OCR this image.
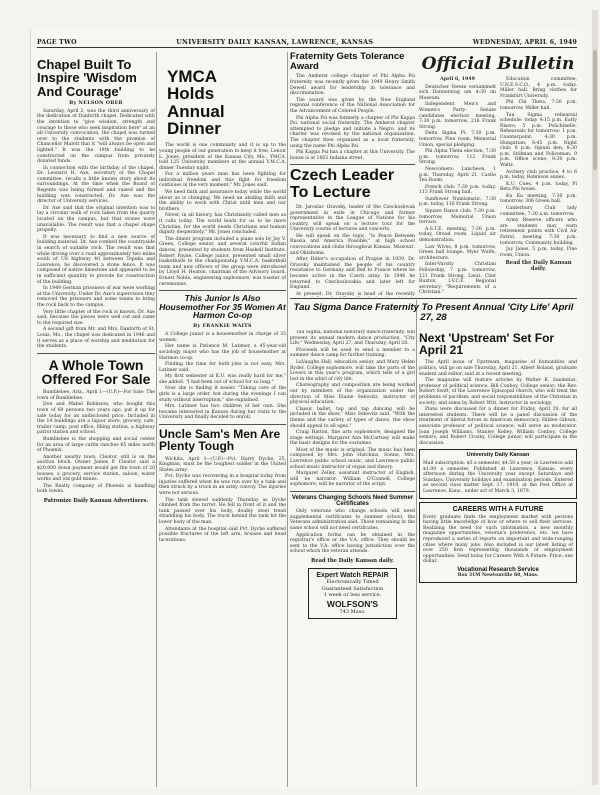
PAGE TWO	UNIVERSITY DAILY KANSAN, LAWRENCE, KANSAS	WEDNESDAY, APRIL 6, 1949
Chapel Built To Inspire 'Wisdom And Courage'
By NELSON OBER

Saturday, April 2, was the third anniversary of the dedication of Danforth chapel. Dedicated with the intention to "give wisdom, strength and courage to those who seek inspiration here" at an all-University convocation, the chapel was turned over to the students with the promise of Chancellor Malott that it "will always be open and lighted." It was the 19th building to be constructed on the campus from privately donated funds.

In connection with the birthday of the chapel, Dr. Leonard H. Axe, secretary of the Chapel committee, recalls a little known story about its surroundings. At the time when the Board of Regents was being formed and raised and the building was constructed, Dr. Axe was the director of University services.

Dr. Axe said that the original intention was to lay a circular walk of rock taken from the quarry located on the campus, but that stones were unavailable. The result was that a chapel shape propelly.

It was necessary to find a new source of building material. Dr. Axe combed the countryside in search of suitable rock. The result was that while driving over a road approximately two miles south of US highway 40 between Topeka and Lawrence, he discovered a stone fence. It was composed of native limestone and appeared to be in sufficient quantity to provide for construction of the building.

In 1949 German prisoners of war were working at the University. Under Dr. Axe's supervision they removed the prisoners and some teams to bring the rock back to the campus.

Very little chapter of the rock is known, Dr. Axe said, because the pieces were well cut and came to the required size.

A second gift from Mr. and Mrs. Danforth of St. Louis, Mo., the chapel was dedicated in 1946 and it serves as a place of worship and meditation for the students.

A Whole Town Offered For Sale

Bumblebee, Ariz., April 1—(U.P.)—For Sale: The town of Bumblebee.

Don and Mabel Robinson, who bought this town of 60 persons two years ago, put it up for sale today for an undisclosed price. Included in the 14 buildings are a liquor store, grocery, cafe, trailer camp, post office, filling station, a highway patrol station and school.

Bumblebee is the shopping and social center for an area of large cattle ranches 65 miles north of Phoenix.

Another nearby town, Cleator, still is on the auction block. Owner James P. Cleator said a $20,000 down payment would get the town of 20 houses, a grocery, service station, saloon, water works and old gold mines.

The Realty company of Phoenix is handling both towns.

Patronize Daily Kansan Advertisers.
YMCA Holds Annual Dinner

The world is one community and it is up to the young people of our generation to keep it free, Lenoir L. Jones, president of the Kansas City, Mo., YMCA, told 125 University members at the annual Y.M.C.A. dinner Tuesday night.

For a million years man has been fighting for individual freedom and this fight for freedom continues in the very moment," Mr. Jones said.

We need faith and assurance today while the world about us is changing. We need an abiding faith and the ability to work with Christ until men and our brothers.

Never, in all history, has Christianity called men as it calls today. The world leads for us to be more Christian, for the world needs Christians and human dignity desperately," Mr. Jones concluded.

The dinner program included a piano solo by Jay V. Green, College senior, and several colorful Indian dances, presented by students from Haskell Institute. Robert Payne, College junior, presented small silver basketballs to the championship Y.M.C.A. basketball team and new officers of the group were introduced by Lloyd H. Heaton, chairman of the Advisory board. Ernest Noble, engineering sophomore, was toaster of ceremonies.

This Junior Is Also Housemother For 35 Women At Harmon Co-op
By FRANKIE WAITS

A College junior is a housemother in charge of 35 women.

Her name is Patience M. Latimer, a 45-year-old sociology major who has the job of housemother at Harmon co-op.

Finding the time for both jobs is not easy, Mrs. Latimer said.

My first semester at K.U. was really hard for me," she added. "I had been out of school for so long."

Now she is finding it easier. "Taking care of the girls is a large order, but during the evenings I can study without interruption," she explained.

Mrs. Latimer has two children of her own. She became interested in Kansas during her visits to the University and finally decided to enroll.

Uncle Sam's Men Are Plenty Tough

Wichita, April 1—(U.P.)—Pvt. Harry Dyche, 25, Kingman, must be the toughest soldier in the United States army.

Pvt. Dyche was recovering in a hospital today from injuries suffered when he was run over by a tank and then struck by a truck in an army convoy. The injuries were not serious.

The tank slewed suddenly Thursday as Dyche climbed from the turret. He fell in front of it and the tank passed over his body, doubly steel tread straddling his body. The truck behind the tank hit the lower body of the man.

Attendants at the hospital said Pvt. Dyche suffered possible fractures of the left arm, bruises and head lacerations.

Fraternity Gets Tolerance Award

The Amherst college chapter of Phi Alpha Psi fraternity was recently given the 1949 Henry Smith Dewell award for leadership in tolerance and discrimination.

The award was given by the New England regional conference of the National Association for the Advancement of Colored People.

Phi Alpha Psi was formerly a chapter of Phi Kappa Psi, national social fraternity. The Amherst chapter attempted to pledge and initiate a Negro, and its charter was revoked by the national organization. The chapter then organized as a local fraternity, using the name Phi Alpha Psi.

Phi Kappa Psi has a chapter at this University. The house is at 1602 Indiana street.

Czech Leader To Lecture

Dr. Jaroslav Oravsky, leader of the Czechoslovak government in exile in Chicago and former representative in the League of Nations for his country, will speak on a lecture tour for the University course of lectures and concerts.

He will speak on the topic, "Is Peace Between Russia and America Possible," at high school convocations and clubs throughout Kansas, Missouri, and Oklahoma.

After Hitler's occupation of Prague in 1939, Dr. Oravsky maintained the people of his country resistance to Germany and fled to France where he became active in the Czech army. In 1946 he returned to Czechoslovakia and later left for England.

At present, Dr. Oravsky is head of the recently

Official Bulletin
April 6, 1949

Deutscher Verein versammelt sich Donnerstag um 4:30 im Museum.

Independent Men's and Women's Party: Senate candidates election meeting, 7:30 p.m. tomorrow, 216 Frank Strong.

Delta Sigma Pi: 7:30 p.m. tomorrow, Pine room, Memorial Union, special pledging.

Phi Alpha Theta election, 7:30 p.m. tomorrow, 112 Frank Strong.

Newcomers: Luncheon, 1 p.m. Thursday, April 21, Castle Tea Room.

French club: 7:30 p.m. today, 113 Frank Strong hall.

Sunflower Numismatic, 7:30 p.m. today, 116 Frank Strong.

Square Dance club: 7:30 p.m. tomorrow, Memorial Union terrace.

A.S.T.E. meeting, 7:30 p.m. today, Oread room. Liquid air demonstration.

Law Wives, 8 p.m. tomorrow, Green hall lounge. Myer Wulfe, architecture.

Inter-Varsity Christian Fellowship, 7 p.m. tomorrow, 121 Frank Strong. Lieut. Clint Buxton, I.V.C.F. Regional secretary, "Requirements of a Christian."

Education committee, U.N.E.S.C.O., 4 p.m. today. Miller hall. Bring clothes for Frankfurt University.

Phi Chi Theta, 7:30 p.m. tomorrow, Miller hall.

Tau Sigma rehearsal schedule: today 4:15 p.m. Early Risers; 5 p.m. Polichinelle. Rehearsals for tomorrow: 1 p.m. Counterpoint; 4:30 p.m. Hungarian; 6:45 p.m. Night club; 8 p.m. Opium den; 8:30 p.m. Stillman and Policeman; 9 p.m. Office scene; 9:30 p.m. Waltz.

Archery club practice, 4 to 6 p.m. today, Robinson annex.

K.U. Cues, 4 p.m. today, Pi Beta Phi house.

Ku Ku meeting, 7:30 p.m. tomorrow, 306 Green hall.

Canterbury Club lady committee, 7:30 a.m. tomorrow.

Army Reserve officers who are students may earn retirement points with Civil Air Patrol, meeting 7:30 p.m. tomorrow, Community building.

Jay Janes, 5 p.m. today, Pine room, Union.

Read the Daily Kansan daily.
Tau Sigma Dance Fraternity To Present Annual 'City Life' April 27, 28

Tau Sigma, national honorary dance fraternity, will present its annual modern dance production, "City Life," Wednesday, April 27, and Thursday, April 28.

Proceeds will be used to send a member to a summer dance camp for further training.

LaVaughn Hall, education senior, and Mary Helen Ryder, College sophomore, will take the parts of the Lovers in this year's program, which tells of a girl lost in the whirl of city life.

Choreography and composition are being worked out by members of the organization under the direction of Miss Elaine Sebovitz, instructor of physical education.

Classic ballet, tap and tap dancing will be included in the show," Miss Sebovitz said. "With the theme and the variety of types of dance, the show should appeal to all ages."

Craig Hatton, fine arts sophomore, designed the stage settings. Margaret Ann McCartney will make the basic designs for the costumes.

Most of the music is original. The music has been composed by Mrs. John Hutchins, Sonne, Mrs. Lawrence public school music, and Lawrence public school music instructor of organ and theory.

Margaret Zeller, assistant instructor of English, will be narrator. William O'Connell, College sophomore, will be narrator of the script.

Veterans Changing Schools Need Summer Certificates

Only veterans who change schools will need supplemental certificates to summer school, the Veterans administration said. Those remaining in the same school will not need certificates.

Application forms can be obtained in the registrar's office or the V.A. office. They should be sent to the V.A. office having jurisdiction over the school which the veteran attends.

Read the Daily Kansan daily.
Expert Watch REPAIR
Electronically Timed
Guaranteed Satisfaction
1 week or less service.
WOLFSON'S
743 Mass.
Next 'Upstream' Set For April 21

The April issue of Upstream, magazine of humanities and politics, will go on sale Thursday, April 21. Albert Boland, graduate student and editor, said at a recent meeting.

The magazine will feature articles by Walter K. Sandelius, professor of political science; Bill Conboy, College senior; the Rev. Robert Swift, of the Lawrence Episcopal church, who will treat the problems of pacifism; and social responsibilities of the Christian in society; and some by Robert Witt, instructor in sociology.

Plans were discussed for a dinner for Friday, April 29, for all interested students. There will be a panel discussion of the treatment of liberal forces in American democracy. Hilden Gibson, associate professor of political science, will serve as moderator. Joan Joseph Williams, Stanley Kelley, William Conboy, College seniors, and Robert Crosky, College junior, will participate in the discussion.

University Daily Kansan
Mail subscription: $3 a semester, $4.50 a year; in Lawrence add $1.00 a semester. Published at Lawrence, Kansas, every afternoon during the University year except Saturdays and Sundays, University holidays and examination periods. Entered as second class matter Sept. 17, 1910, at the Post Office at Lawrence, Kans., under act of March 3, 1879.
CAREERS WITH A FUTURE
Every graduate finds the employment market with persons having little knowledge of how or where to sell their services. Realizing the need for such information, a new monthly magazine opportunities, veteran's preference, etc. we have reproduced a series of reports on important and wide-ranging cities where many jobs. Also included is our latest listing of over 250 firm representing thousands of employment opportunities. Send today for Careers With A Future. Price: one dollar.
Vocational Research Service
Box 31M Newtonville 60, Mass.
